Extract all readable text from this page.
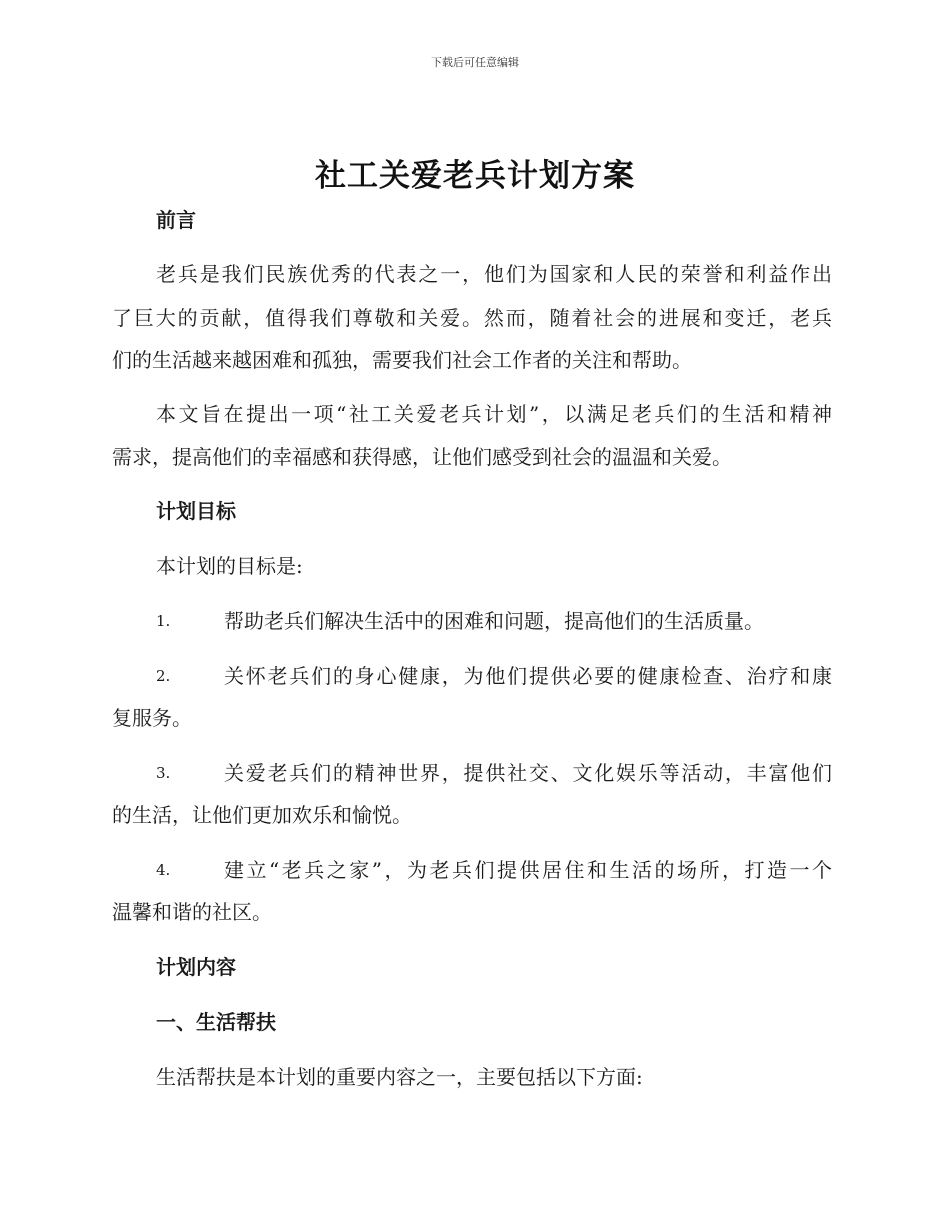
下载后可任意编辑
社工关爱老兵计划方案
前言
老兵是我们民族优秀的代表之一，他们为国家和人民的荣誉和利益作出
了巨大的贡献，值得我们尊敬和关爱。然而，随着社会的进展和变迁，老兵
们的生活越来越困难和孤独，需要我们社会工作者的关注和帮助。
本文旨在提出一项“社工关爱老兵计划”，以满足老兵们的生活和精神
需求，提高他们的幸福感和获得感，让他们感受到社会的温温和关爱。
计划目标
本计划的目标是:
1.	帮助老兵们解决生活中的困难和问题，提高他们的生活质量。
2.	关怀老兵们的身心健康，为他们提供必要的健康检查、治疗和康
复服务。
3.	关爱老兵们的精神世界，提供社交、文化娱乐等活动，丰富他们
的生活，让他们更加欢乐和愉悦。
4.	建立“老兵之家”，为老兵们提供居住和生活的场所，打造一个
温馨和谐的社区。
计划内容
一、生活帮扶
生活帮扶是本计划的重要内容之一，主要包括以下方面:
